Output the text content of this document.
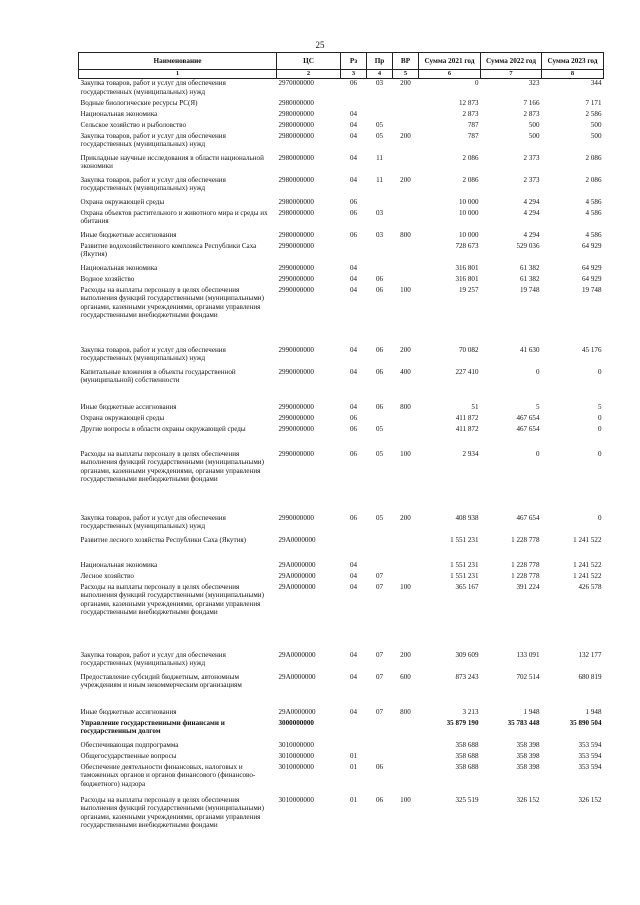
25
Наименование	ЦС	Рз	Пр	ВР	Сумма 2021 год	Сумма 2022 год	Сумма 2023 год
1	2	3	4	5	6	7	8
Закупка товаров, работ и услуг для обеспечения государственных (муниципальных) нужд	2970000000	06	03	200	0	323	344
Водные биологические ресурсы РС(Я)	2980000000				12 873	7 166	7 171
Национальная экономика	2980000000	04			2 873	2 873	2 586
Сельское хозяйство и рыболовство	2980000000	04	05		787	500	500
Закупка товаров, работ и услуг для обеспечения государственных (муниципальных) нужд	2980000000	04	05	200	787	500	500
Прикладные научные исследования в области национальной экономики	2980000000	04	11		2 086	2 373	2 086
Закупка товаров, работ и услуг для обеспечения государственных (муниципальных) нужд	2980000000	04	11	200	2 086	2 373	2 086
Охрана окружающей среды	2980000000	06			10 000	4 294	4 586
Охрана объектов растительного и животного мира и среды их обитания	2980000000	06	03		10 000	4 294	4 586
Иные бюджетные ассигнования	2980000000	06	03	800	10 000	4 294	4 586
Развитие водохозяйственного комплекса Республики Саха (Якутия)	2990000000				728 673	529 036	64 929
Национальная экономика	2990000000	04			316 801	61 382	64 929
Водное хозяйство	2990000000	04	06		316 801	61 382	64 929
Расходы на выплаты персоналу в целях обеспечения выполнения функций государственными (муниципальными) органами, казенными учреждениями, органами управления государственными внебюджетными фондами	2990000000	04	06	100	19 257	19 748	19 748
Закупка товаров, работ и услуг для обеспечения государственных (муниципальных) нужд	2990000000	04	06	200	70 082	41 630	45 176
Капитальные вложения в объекты государственной (муниципальной) собственности	2990000000	04	06	400	227 410	0	0
Иные бюджетные ассигнования	2990000000	04	06	800	51	5	5
Охрана окружающей среды	2990000000	06			411 872	467 654	0
Другие вопросы в области охраны окружающей среды	2990000000	06	05		411 872	467 654	0
Расходы на выплаты персоналу в целях обеспечения выполнения функций государственными (муниципальными) органами, казенными учреждениями, органами управления государственными внебюджетными фондами	2990000000	06	05	100	2 934	0	0
Закупка товаров, работ и услуг для обеспечения государственных (муниципальных) нужд	2990000000	06	05	200	408 938	467 654	0
Развитие лесного хозяйства Республики Саха (Якутия)	29А0000000				1 551 231	1 228 778	1 241 522
Национальная экономика	29А0000000	04			1 551 231	1 228 778	1 241 522
Лесное хозяйство	29А0000000	04	07		1 551 231	1 228 778	1 241 522
Расходы на выплаты персоналу в целях обеспечения выполнения функций государственными (муниципальными) органами, казенными учреждениями, органами управления государственными внебюджетными фондами	29А0000000	04	07	100	365 167	391 224	426 578
Закупка товаров, работ и услуг для обеспечения государственных (муниципальных) нужд	29А0000000	04	07	200	309 609	133 091	132 177
Предоставление субсидий бюджетным, автономным учреждениям и иным некоммерческим организациям	29А0000000	04	07	600	873 243	702 514	680 819
Иные бюджетные ассигнования	29А0000000	04	07	800	3 213	1 948	1 948
Управление государственными финансами и государственным долгом	3000000000				35 879 190	35 783 448	35 890 504
Обеспечивающая подпрограмма	3010000000				358 688	358 398	353 594
Общегосударственные вопросы	3010000000	01			358 688	358 398	353 594
Обеспечение деятельности финансовых, налоговых и таможенных органов и органов финансового (финансово-бюджетного) надзора	3010000000	01	06		358 688	358 398	353 594
Расходы на выплаты персоналу в целях обеспечения выполнения функций государственными (муниципальными) органами, казенными учреждениями, органами управления государственными внебюджетными фондами	3010000000	01	06	100	325 519	326 152	326 152
